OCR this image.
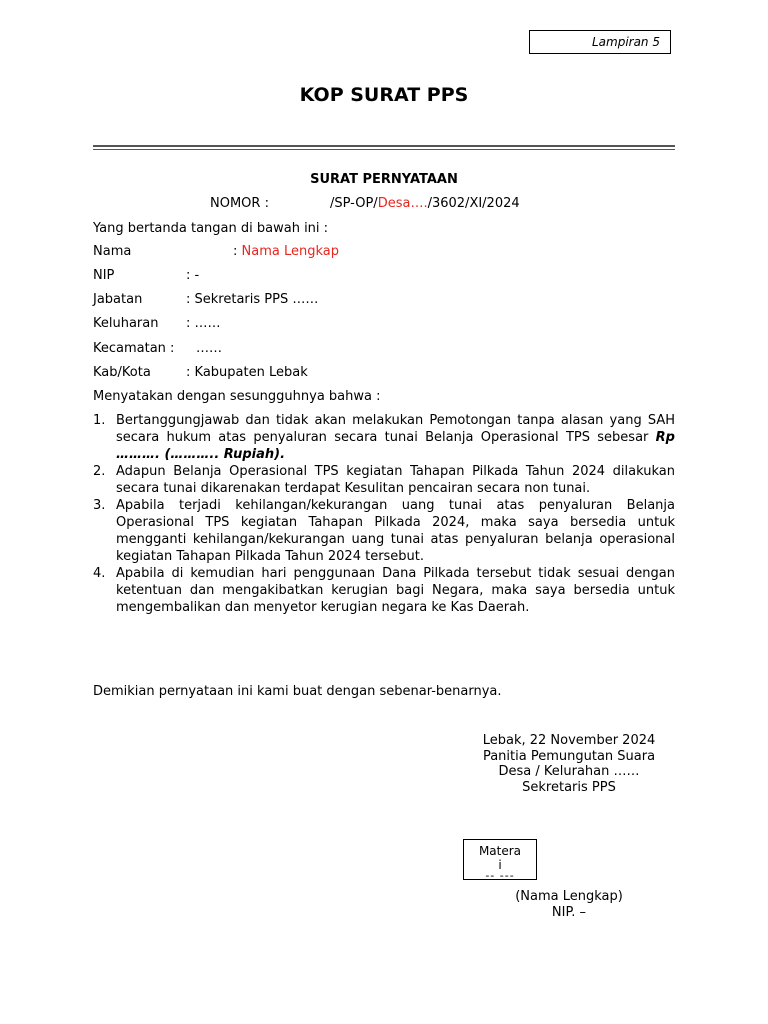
Lampiran 5
KOP SURAT PPS
SURAT PERNYATAAN
NOMOR :	/SP-OP/Desa…./3602/XI/2024
Yang bertanda tangan di bawah ini :
Nama	: Nama Lengkap
NIP	: -
Jabatan	: Sekretaris PPS ……
Keluharan : ……
Kecamatan : ……
Kab/Kota	: Kabupaten Lebak
Menyatakan dengan sesungguhnya bahwa :
1. Bertanggungjawab dan tidak akan melakukan Pemotongan tanpa alasan yang SAH secara hukum atas penyaluran secara tunai Belanja Operasional TPS sebesar Rp ………. (……….. Rupiah).
2. Adapun Belanja Operasional TPS kegiatan Tahapan Pilkada Tahun 2024 dilakukan secara tunai dikarenakan terdapat Kesulitan pencairan secara non tunai.
3. Apabila terjadi kehilangan/kekurangan uang tunai atas penyaluran Belanja Operasional TPS kegiatan Tahapan Pilkada 2024, maka saya bersedia untuk mengganti kehilangan/kekurangan uang tunai atas penyaluran belanja operasional kegiatan Tahapan Pilkada Tahun 2024 tersebut.
4. Apabila di kemudian hari penggunaan Dana Pilkada tersebut tidak sesuai dengan ketentuan dan mengakibatkan kerugian bagi Negara, maka saya bersedia untuk mengembalikan dan menyetor kerugian negara ke Kas Daerah.
Demikian pernyataan ini kami buat dengan sebenar-benarnya.
Lebak, 22 November 2024
Panitia Pemungutan Suara
Desa / Kelurahan ……
Sekretaris PPS
Matera
i
-- ---
(Nama Lengkap)
NIP. –
